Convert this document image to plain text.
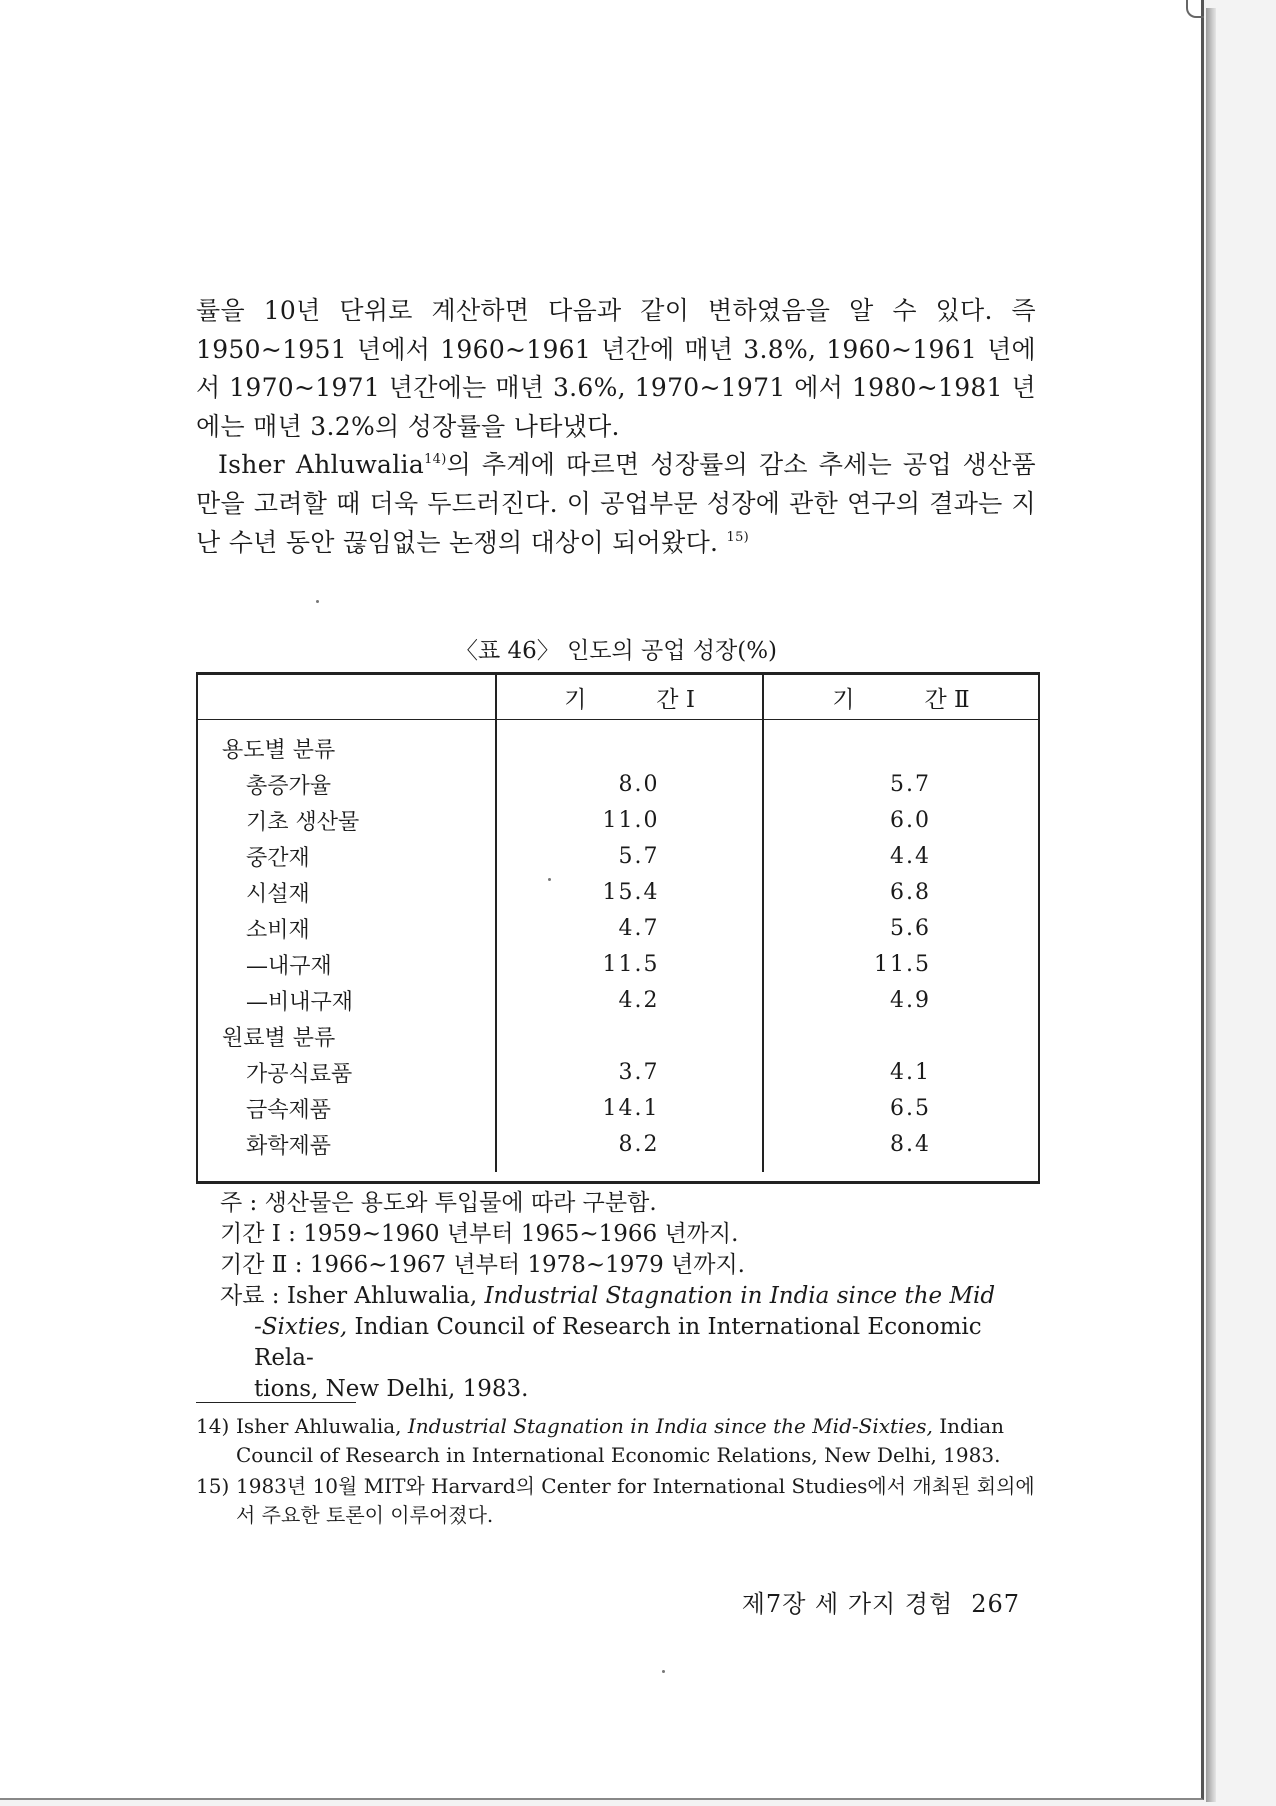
률을 10년 단위로 계산하면 다음과 같이 변하였음을 알 수 있다. 즉 1950~1951 년에서 1960~1961 년간에 매년 3.8%, 1960~1961 년에서 1970~1971 년간에는 매년 3.6%, 1970~1971 에서 1980~1981 년에는 매년 3.2%의 성장률을 나타냈다.

Isher Ahluwalia$^{14)}$의 추계에 따르면 성장률의 감소 추세는 공업 생산품만을 고려할 때 더욱 두드러진다. 이 공업부문 성장에 관한 연구의 결과는 지난 수년 동안 끊임없는 논쟁의 대상이 되어왔다. $^{15)}$

〈표 46〉 인도의 공업 성장(%)
	기 간 Ⅰ	기 간 Ⅱ

용도별 분류		
총증가율	8.0	5.7
기초 생산물	11.0	6.0
중간재	5.7	4.4
시설재	15.4	6.8
소비재	4.7	5.6
—내구재	11.5	11.5
—비내구재	4.2	4.9
원료별 분류		
가공식료품	3.7	4.1
금속제품	14.1	6.5
화학제품	8.2	8.4

주 : 생산물은 용도와 투입물에 따라 구분함.
기간 Ⅰ : 1959~1960 년부터 1965~1966 년까지.
기간 Ⅱ : 1966~1967 년부터 1978~1979 년까지.
자료 : Isher Ahluwalia, Industrial Stagnation in India since the Mid
-Sixties, Indian Council of Research in International Economic Rela-
tions, New Delhi, 1983.
14) Isher Ahluwalia, Industrial Stagnation in India since the Mid-Sixties, Indian Council of Research in International Economic Relations, New Delhi, 1983.
15) 1983년 10월 MIT와 Harvard의 Center for International Studies에서 개최된 회의에서 주요한 토론이 이루어졌다.
제7장 세 가지 경험 267
